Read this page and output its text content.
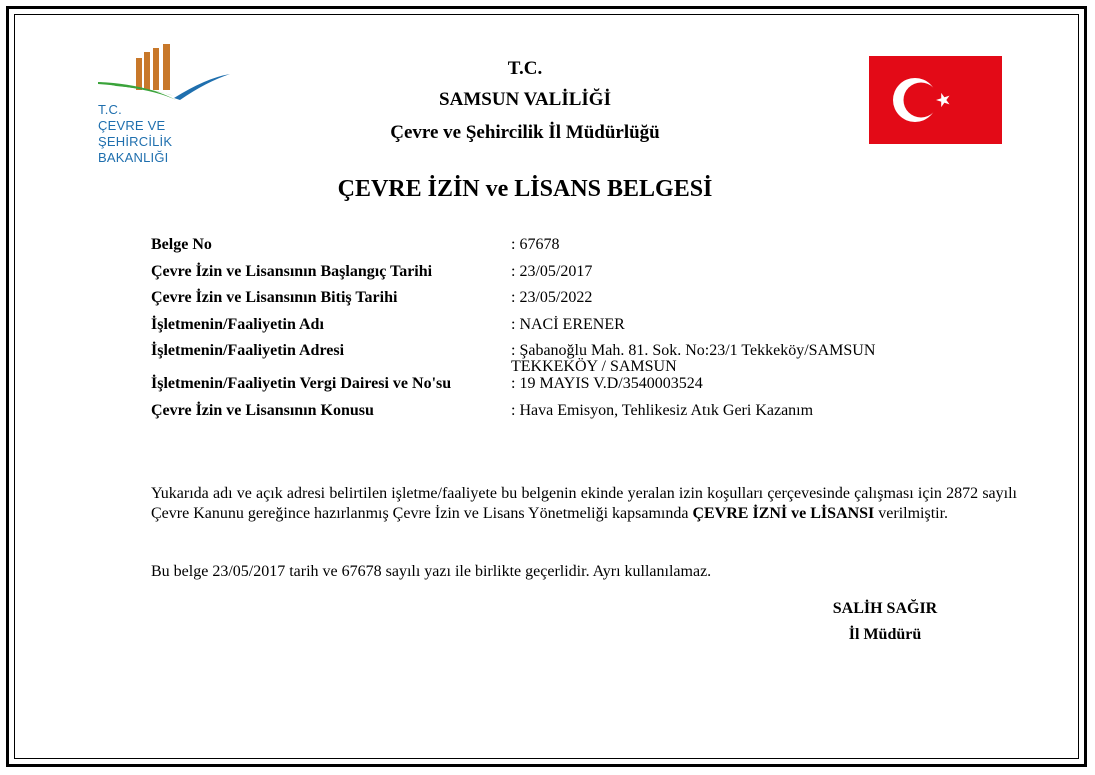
T.C.
ÇEVRE VE ŞEHİRCİLİK
BAKANLIĞI
T.C.
SAMSUN VALİLİĞİ
Çevre ve Şehircilik İl Müdürlüğü
ÇEVRE İZİN ve LİSANS BELGESİ
Belge No	: 67678
Çevre İzin ve Lisansının Başlangıç Tarihi	: 23/05/2017
Çevre İzin ve Lisansının Bitiş Tarihi	: 23/05/2022
İşletmenin/Faaliyetin Adı	: NACİ ERENER
İşletmenin/Faaliyetin Adresi	: Şabanoğlu Mah. 81. Sok. No:23/1 Tekkeköy/SAMSUN
TEKKEKÖY / SAMSUN
İşletmenin/Faaliyetin Vergi Dairesi ve No'su	: 19 MAYIS V.D/3540003524
Çevre İzin ve Lisansının Konusu	: Hava Emisyon, Tehlikesiz Atık Geri Kazanım
Yukarıda adı ve açık adresi belirtilen işletme/faaliyete bu belgenin ekinde yeralan izin koşulları çerçevesinde çalışması için 2872 sayılı Çevre Kanunu gereğince hazırlanmış Çevre İzin ve Lisans Yönetmeliği kapsamında ÇEVRE İZNİ ve LİSANSI verilmiştir.
Bu belge 23/05/2017 tarih ve 67678 sayılı yazı ile birlikte geçerlidir. Ayrı kullanılamaz.
SALİH SAĞIR
İl Müdürü
